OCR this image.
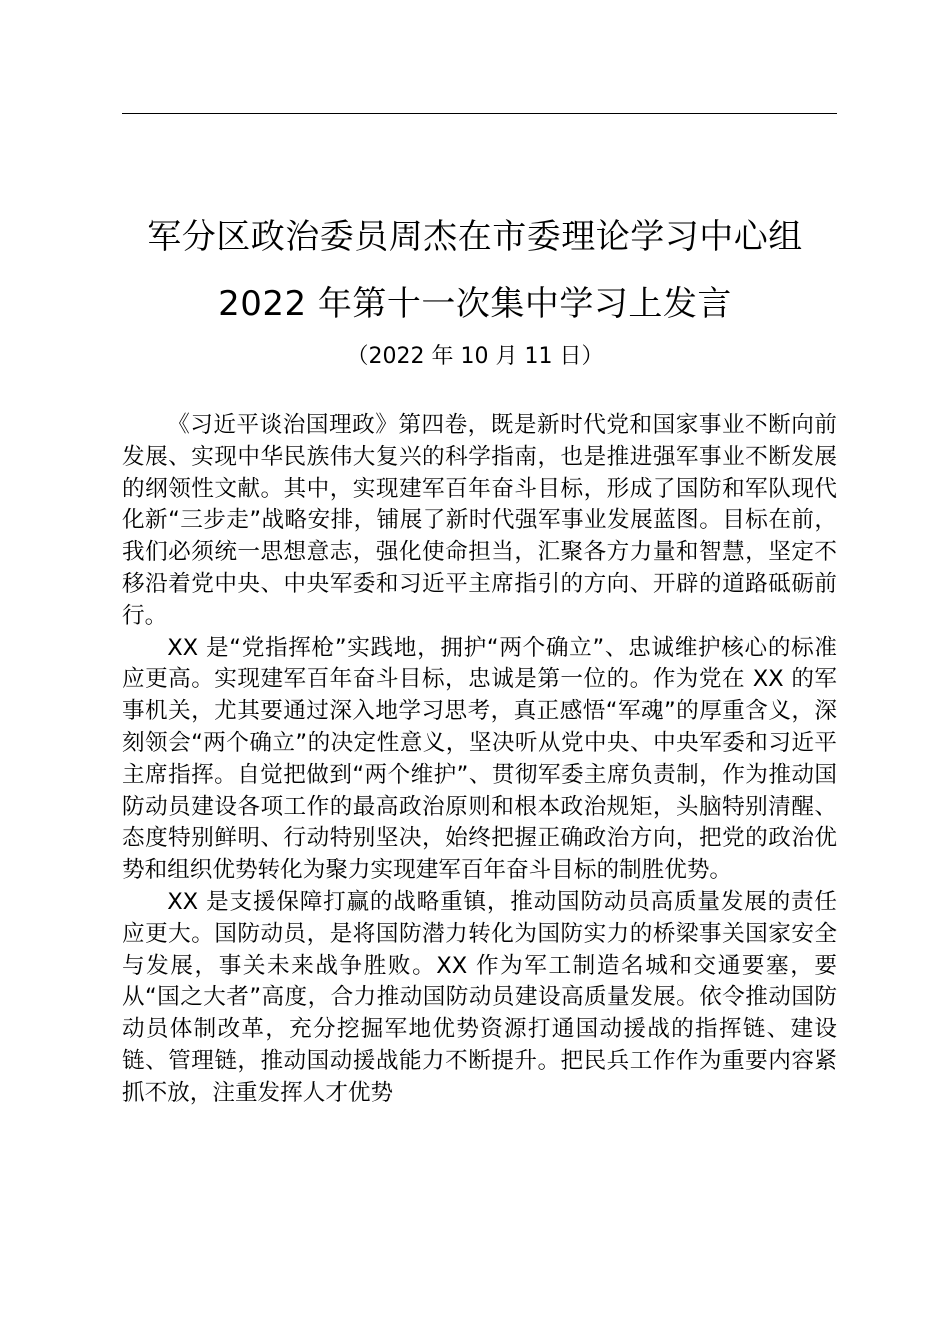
军分区政治委员周杰在市委理论学习中心组
2022 年第十一次集中学习上发言
（2022 年 10 月 11 日）

《习近平谈治国理政》第四卷，既是新时代党和国家事业不断向前发展、实现中华民族伟大复兴的科学指南，也是推进强军事业不断发展的纲领性文献。其中，实现建军百年奋斗目标，形成了国防和军队现代化新“三步走”战略安排，铺展了新时代强军事业发展蓝图。目标在前，我们必须统一思想意志，强化使命担当，汇聚各方力量和智慧，坚定不移沿着党中央、中央军委和习近平主席指引的方向、开辟的道路砥砺前行。

XX 是“党指挥枪”实践地，拥护“两个确立”、忠诚维护核心的标准应更高。实现建军百年奋斗目标，忠诚是第一位的。作为党在 XX 的军事机关，尤其要通过深入地学习思考，真正感悟“军魂”的厚重含义，深刻领会“两个确立”的决定性意义，坚决听从党中央、中央军委和习近平主席指挥。自觉把做到“两个维护”、贯彻军委主席负责制，作为推动国防动员建设各项工作的最高政治原则和根本政治规矩，头脑特别清醒、态度特别鲜明、行动特别坚决，始终把握正确政治方向，把党的政治优势和组织优势转化为聚力实现建军百年奋斗目标的制胜优势。

XX 是支援保障打赢的战略重镇，推动国防动员高质量发展的责任应更大。国防动员，是将国防潜力转化为国防实力的桥梁事关国家安全与发展，事关未来战争胜败。XX 作为军工制造名城和交通要塞，要从“国之大者”高度，合力推动国防动员建设高质量发展。依令推动国防动员体制改革，充分挖掘军地优势资源打通国动援战的指挥链、建设链、管理链，推动国动援战能力不断提升。把民兵工作作为重要内容紧抓不放，注重发挥人才优势
